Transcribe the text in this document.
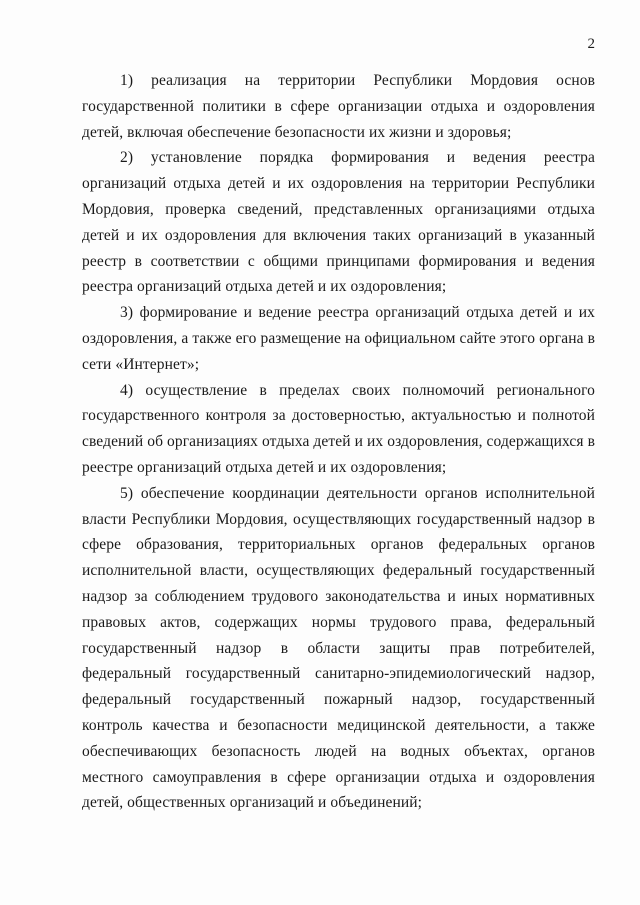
2

1) реализация на территории Республики Мордовия основ государственной политики в сфере организации отдыха и оздоровления детей, включая обеспечение безопасности их жизни и здоровья;

2) установление порядка формирования и ведения реестра организаций отдыха детей и их оздоровления на территории Республики Мордовия, проверка сведений, представленных организациями отдыха детей и их оздоровления для включения таких организаций в указанный реестр в соответствии с общими принципами формирования и ведения реестра организаций отдыха детей и их оздоровления;

3) формирование и ведение реестра организаций отдыха детей и их оздоровления, а также его размещение на официальном сайте этого органа в сети «Интернет»;

4) осуществление в пределах своих полномочий регионального государственного контроля за достоверностью, актуальностью и полнотой сведений об организациях отдыха детей и их оздоровления, содержащихся в реестре организаций отдыха детей и их оздоровления;

5) обеспечение координации деятельности органов исполнительной власти Республики Мордовия, осуществляющих государственный надзор в сфере образования, территориальных органов федеральных органов исполнительной власти, осуществляющих федеральный государственный надзор за соблюдением трудового законодательства и иных нормативных правовых актов, содержащих нормы трудового права, федеральный государственный надзор в области защиты прав потребителей, федеральный государственный санитарно-эпидемиологический надзор, федеральный государственный пожарный надзор, государственный контроль качества и безопасности медицинской деятельности, а также обеспечивающих безопасность людей на водных объектах, органов местного самоуправления в сфере организации отдыха и оздоровления детей, общественных организаций и объединений;
